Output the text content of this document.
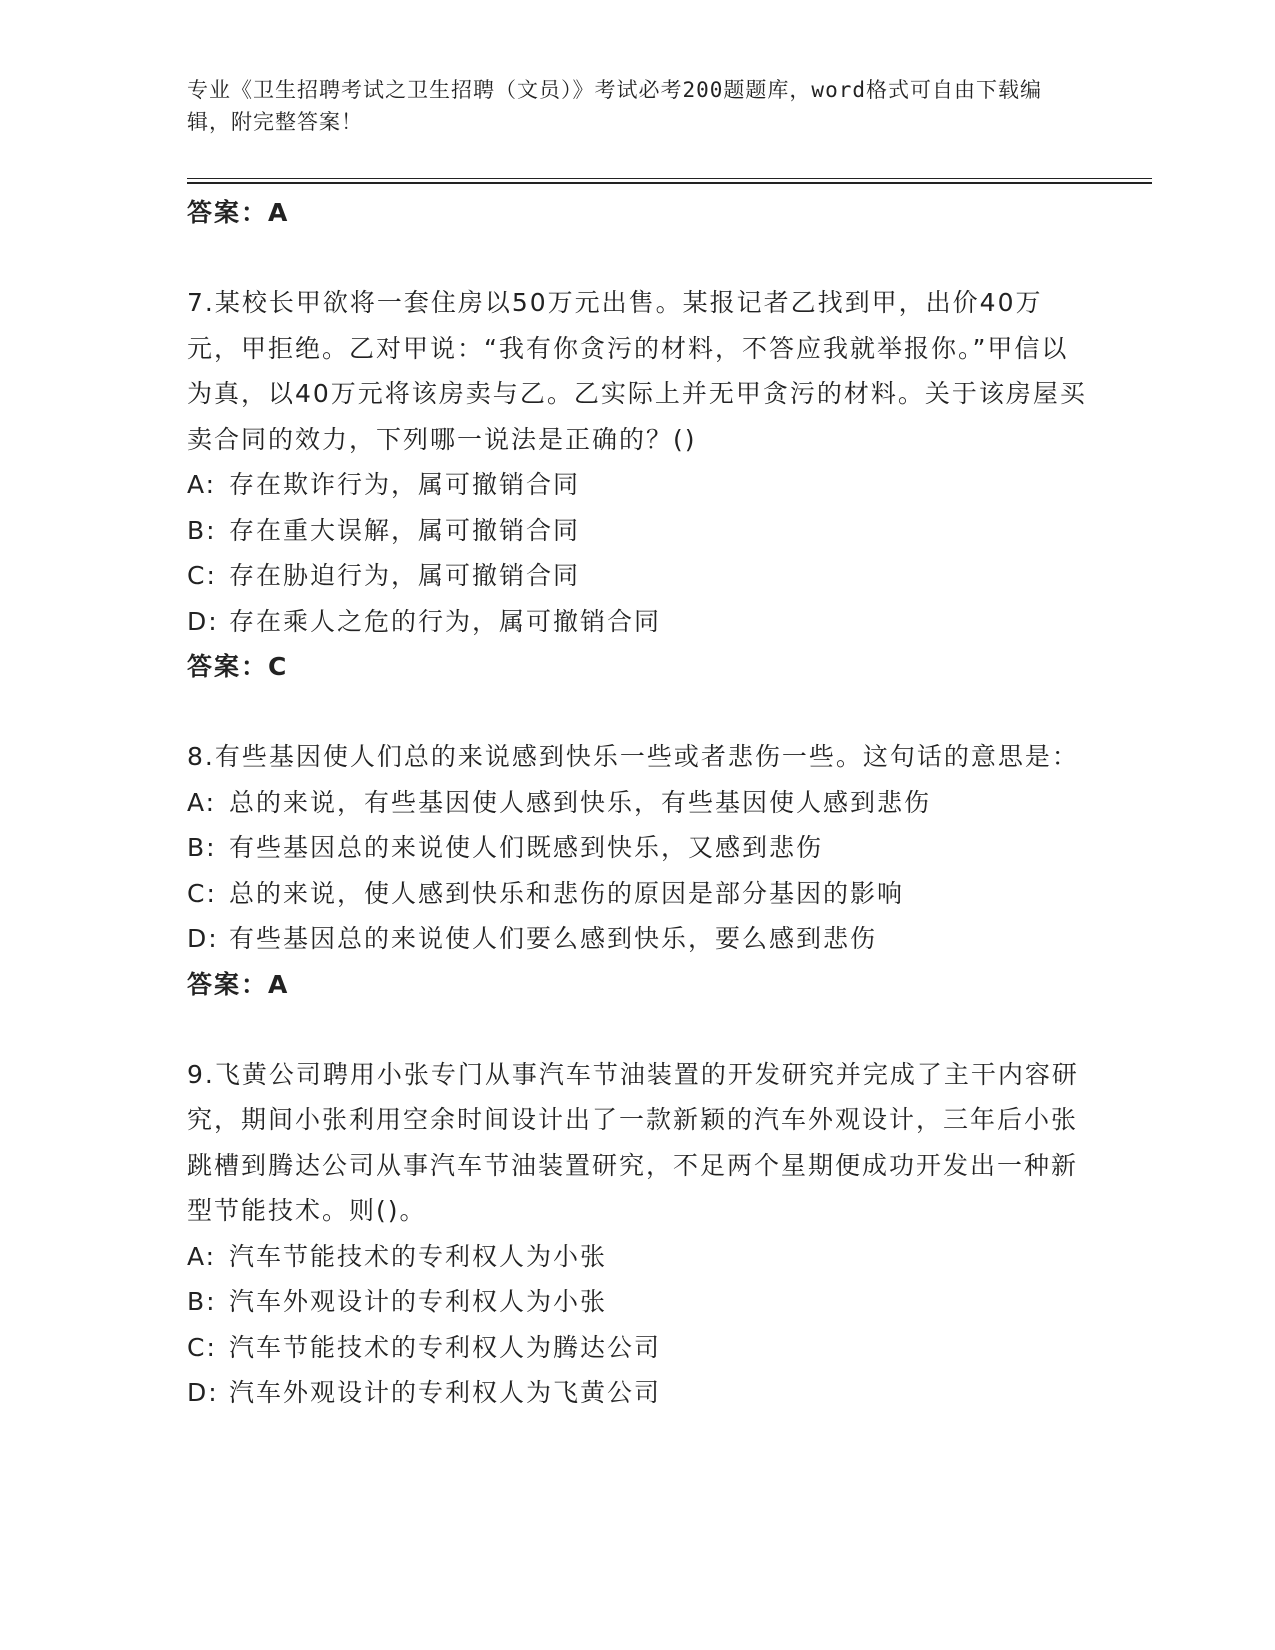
专业《卫生招聘考试之卫生招聘（文员）》考试必考200题题库，word格式可自由下载编辑，附完整答案！
答案：A
7.某校长甲欲将一套住房以50万元出售。某报记者乙找到甲，出价40万元，甲拒绝。乙对甲说：“我有你贪污的材料，不答应我就举报你。”甲信以为真，以40万元将该房卖与乙。乙实际上并无甲贪污的材料。关于该房屋买卖合同的效力，下列哪一说法是正确的？()
A: 存在欺诈行为，属可撤销合同
B: 存在重大误解，属可撤销合同
C: 存在胁迫行为，属可撤销合同
D: 存在乘人之危的行为，属可撤销合同
答案：C
8.有些基因使人们总的来说感到快乐一些或者悲伤一些。这句话的意思是：
A: 总的来说，有些基因使人感到快乐，有些基因使人感到悲伤
B: 有些基因总的来说使人们既感到快乐，又感到悲伤
C: 总的来说，使人感到快乐和悲伤的原因是部分基因的影响
D: 有些基因总的来说使人们要么感到快乐，要么感到悲伤
答案：A
9.飞黄公司聘用小张专门从事汽车节油装置的开发研究并完成了主干内容研究，期间小张利用空余时间设计出了一款新颖的汽车外观设计，三年后小张跳槽到腾达公司从事汽车节油装置研究，不足两个星期便成功开发出一种新型节能技术。则()。
A: 汽车节能技术的专利权人为小张
B: 汽车外观设计的专利权人为小张
C: 汽车节能技术的专利权人为腾达公司
D: 汽车外观设计的专利权人为飞黄公司
